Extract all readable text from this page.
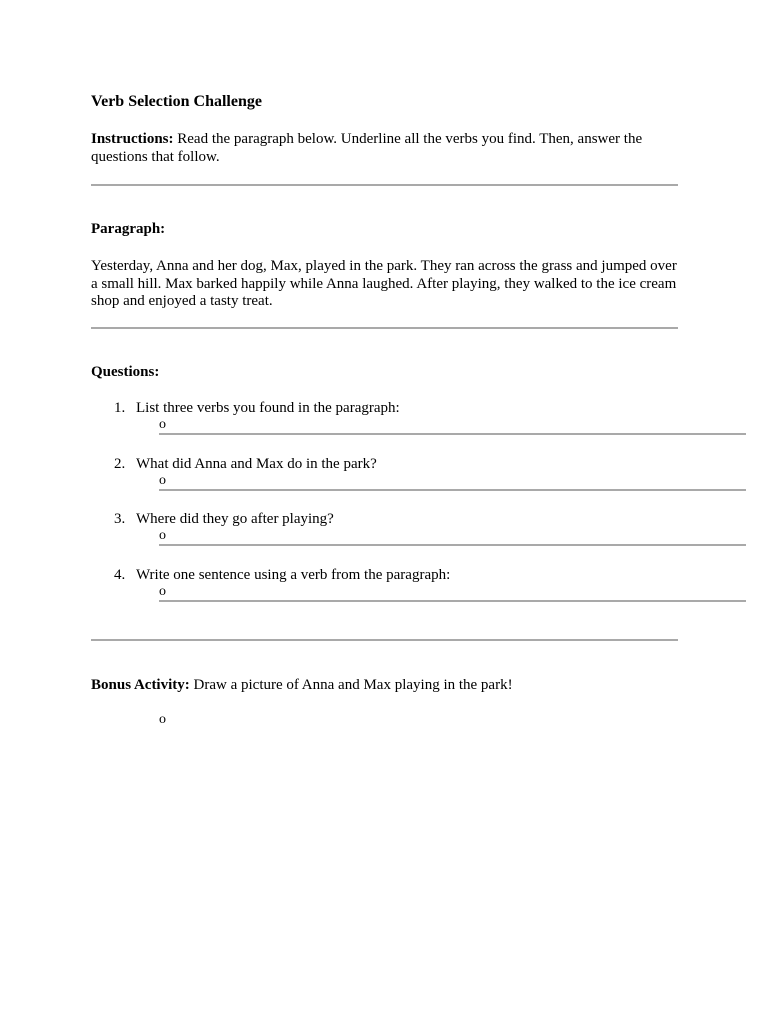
Verb Selection Challenge
Instructions: Read the paragraph below. Underline all the verbs you find. Then, answer the questions that follow.
Paragraph:
Yesterday, Anna and her dog, Max, played in the park. They ran across the grass and jumped over a small hill. Max barked happily while Anna laughed. After playing, they walked to the ice cream shop and enjoyed a tasty treat.
Questions:
1. List three verbs you found in the paragraph:
o
2. What did Anna and Max do in the park?
o
3. Where did they go after playing?
o
4. Write one sentence using a verb from the paragraph:
o
Bonus Activity: Draw a picture of Anna and Max playing in the park!
o
